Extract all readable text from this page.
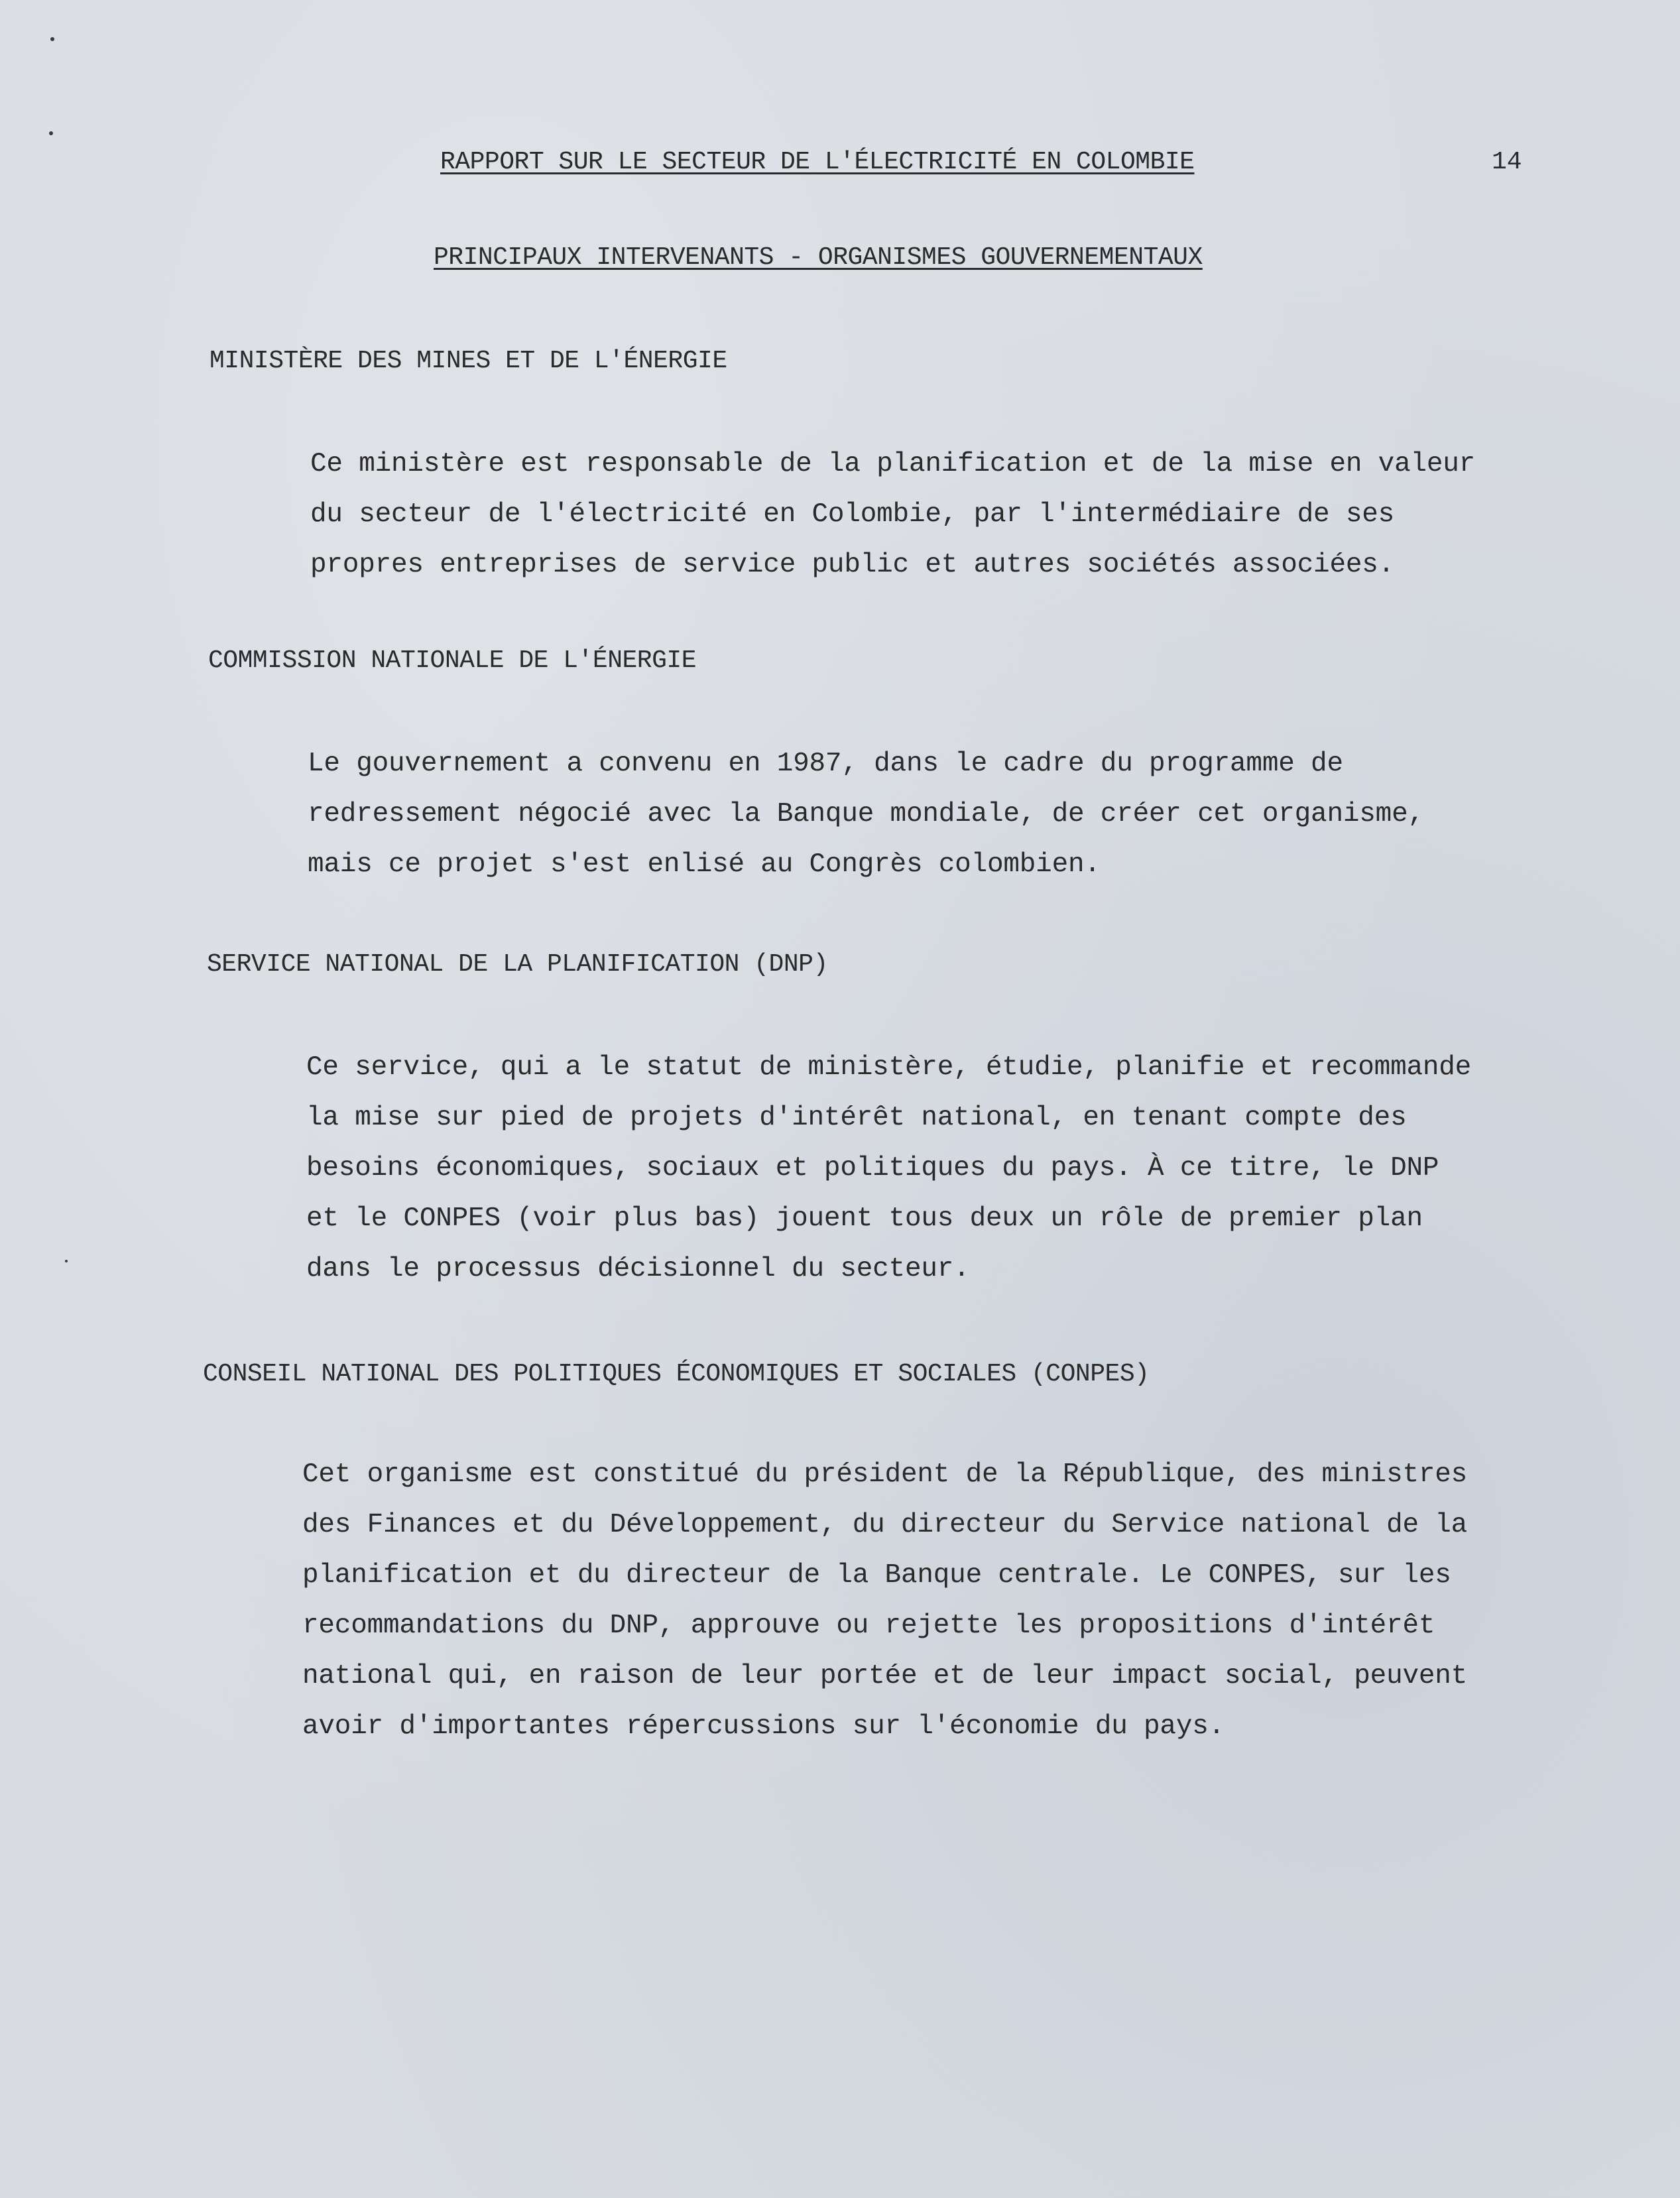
RAPPORT SUR LE SECTEUR DE L'ÉLECTRICITÉ EN COLOMBIE	14
PRINCIPAUX INTERVENANTS - ORGANISMES GOUVERNEMENTAUX
MINISTÈRE DES MINES ET DE L'ÉNERGIE

Ce ministère est responsable de la planification et de la mise en valeur
du secteur de l'électricité en Colombie, par l'intermédiaire de ses
propres entreprises de service public et autres sociétés associées.

COMMISSION NATIONALE DE L'ÉNERGIE

Le gouvernement a convenu en 1987, dans le cadre du programme de
redressement négocié avec la Banque mondiale, de créer cet organisme,
mais ce projet s'est enlisé au Congrès colombien.

SERVICE NATIONAL DE LA PLANIFICATION (DNP)

Ce service, qui a le statut de ministère, étudie, planifie et recommande
la mise sur pied de projets d'intérêt national, en tenant compte des
besoins économiques, sociaux et politiques du pays. À ce titre, le DNP
et le CONPES (voir plus bas) jouent tous deux un rôle de premier plan
dans le processus décisionnel du secteur.

CONSEIL NATIONAL DES POLITIQUES ÉCONOMIQUES ET SOCIALES (CONPES)

Cet organisme est constitué du président de la République, des ministres
des Finances et du Développement, du directeur du Service national de la
planification et du directeur de la Banque centrale. Le CONPES, sur les
recommandations du DNP, approuve ou rejette les propositions d'intérêt
national qui, en raison de leur portée et de leur impact social, peuvent
avoir d'importantes répercussions sur l'économie du pays.
